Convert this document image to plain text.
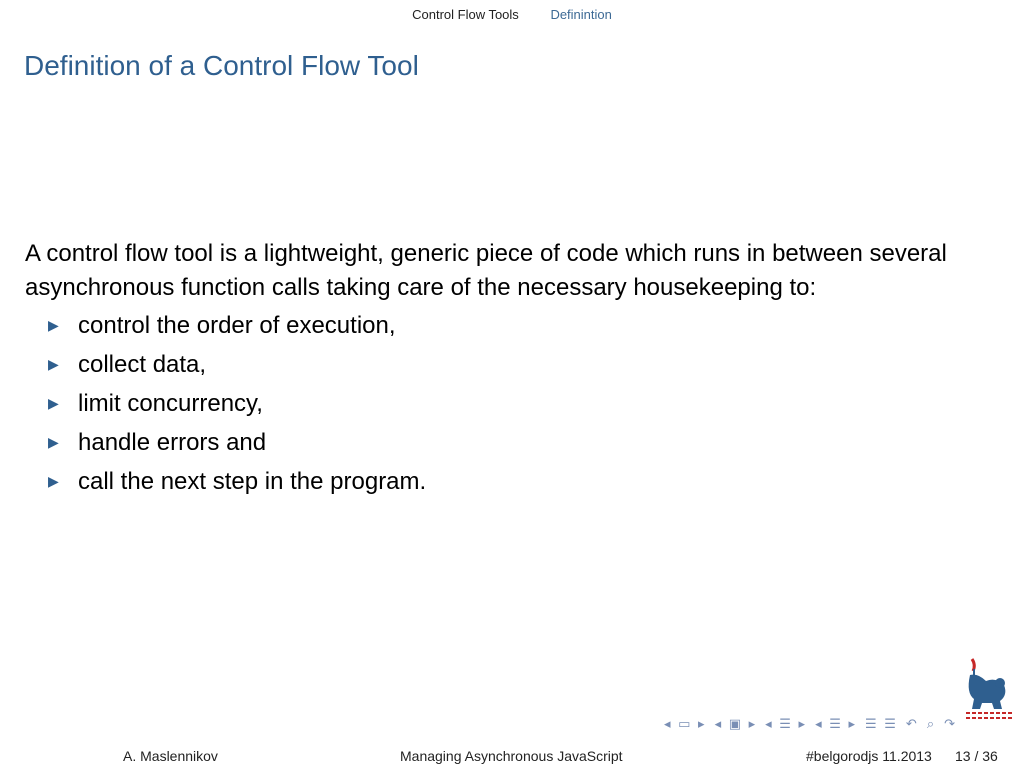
Control Flow Tools Definintion
Definition of a Control Flow Tool

A control flow tool is a lightweight, generic piece of code which runs in between several asynchronous function calls taking care of the necessary housekeeping to:

▶ control the order of execution,
▶ collect data,
▶ limit concurrency,
▶ handle errors and
▶ call the next step in the program.
◂ ▭ ▸ ◂ ▣ ▸ ◂ ☰ ▸ ◂ ☰ ▸ ☰ ☰ ↶ ⌕ ↷
A. Maslennikov	Managing Asynchronous JavaScript	#belgorodjs 11.2013 13 / 36
